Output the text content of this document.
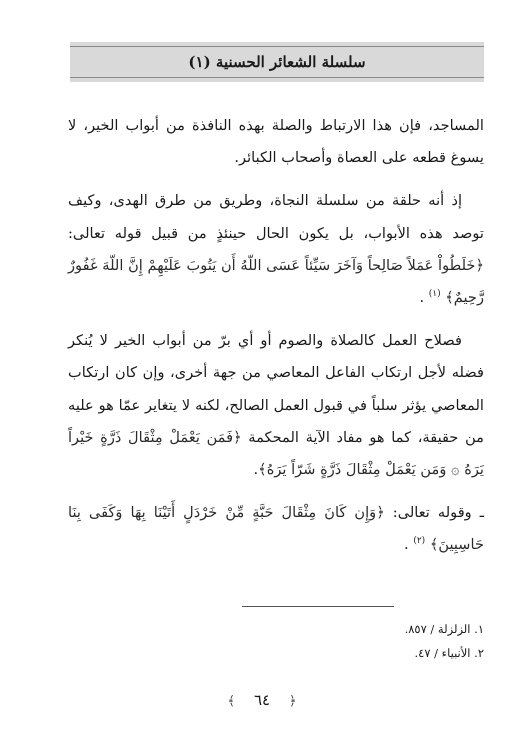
سلسلة الشعائر الحسنية (١)

المساجد، فإن هذا الارتباط والصلة بهذه النافذة من أبواب الخير، لا يسوغ قطعه على العصاة وأصحاب الكبائر.

إذ أنه حلقة من سلسلة النجاة، وطريق من طرق الهدى، وكيف توصد هذه الأبواب، بل يكون الحال حينئذٍ من قبيل قوله تعالى: ﴿خَلَطُواْ عَمَلاً صَالِحاً وَآخَرَ سَيِّئاً عَسَى اللّهُ أَن يَتُوبَ عَلَيْهِمْ إِنَّ اللّهَ غَفُورٌ رَّحِيمٌ﴾ $^{(١)}$ .

فصلاح العمل كالصلاة والصوم أو أي برّ من أبواب الخير لا يُنكر فضله لأجل ارتكاب الفاعل المعاصي من جهة أخرى، وإن كان ارتكاب المعاصي يؤثر سلباً في قبول العمل الصالح، لكنه لا يتغاير عمّا هو عليه من حقيقة، كما هو مفاد الآية المحكمة ﴿فَمَن يَعْمَلْ مِثْقَالَ ذَرَّةٍ خَيْراً يَرَهُ ۞ وَمَن يَعْمَلْ مِثْقَالَ ذَرَّةٍ شَرّاً يَرَهُ﴾.

ـ وقوله تعالى: ﴿وَإِن كَانَ مِثْقَالَ حَبَّةٍ مِّنْ خَرْدَلٍ أَتَيْنَا بِهَا وَكَفَى بِنَا حَاسِبِينَ﴾ $^{(٢)}$ .

١. الزلزلة / ٨٥٧.

٢. الأنبياء / ٤٧.

﴿ ٦٤ ﴾
